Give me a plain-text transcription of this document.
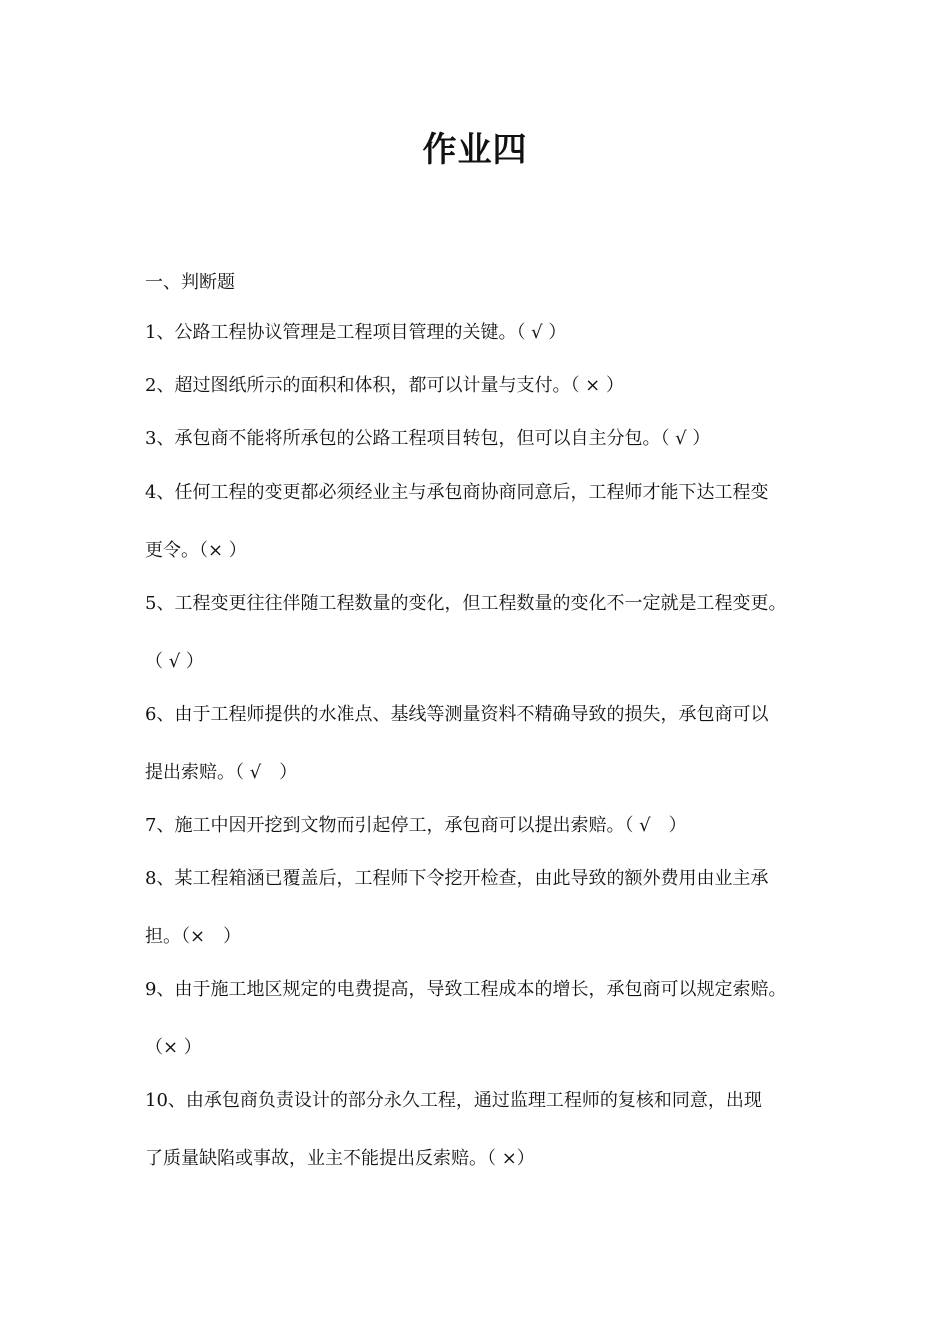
作业四
一、判断题
1、公路工程协议管理是工程项目管理的关键。（ √ ）
2、超过图纸所示的面积和体积，都可以计量与支付。（ × ）
3、承包商不能将所承包的公路工程项目转包，但可以自主分包。（ √ ）
4、任何工程的变更都必须经业主与承包商协商同意后，工程师才能下达工程变
更令。（× ）
5、工程变更往往伴随工程数量的变化，但工程数量的变化不一定就是工程变更。
（ √ ）
6、由于工程师提供的水准点、基线等测量资料不精确导致的损失，承包商可以
提出索赔。（ √　）
7、施工中因开挖到文物而引起停工，承包商可以提出索赔。（ √　）
8、某工程箱涵已覆盖后，工程师下令挖开检查，由此导致的额外费用由业主承
担。（×　）
9、由于施工地区规定的电费提高，导致工程成本的增长，承包商可以规定索赔。
（× ）
10、由承包商负责设计的部分永久工程，通过监理工程师的复核和同意，出现
了质量缺陷或事故，业主不能提出反索赔。（ ×）
